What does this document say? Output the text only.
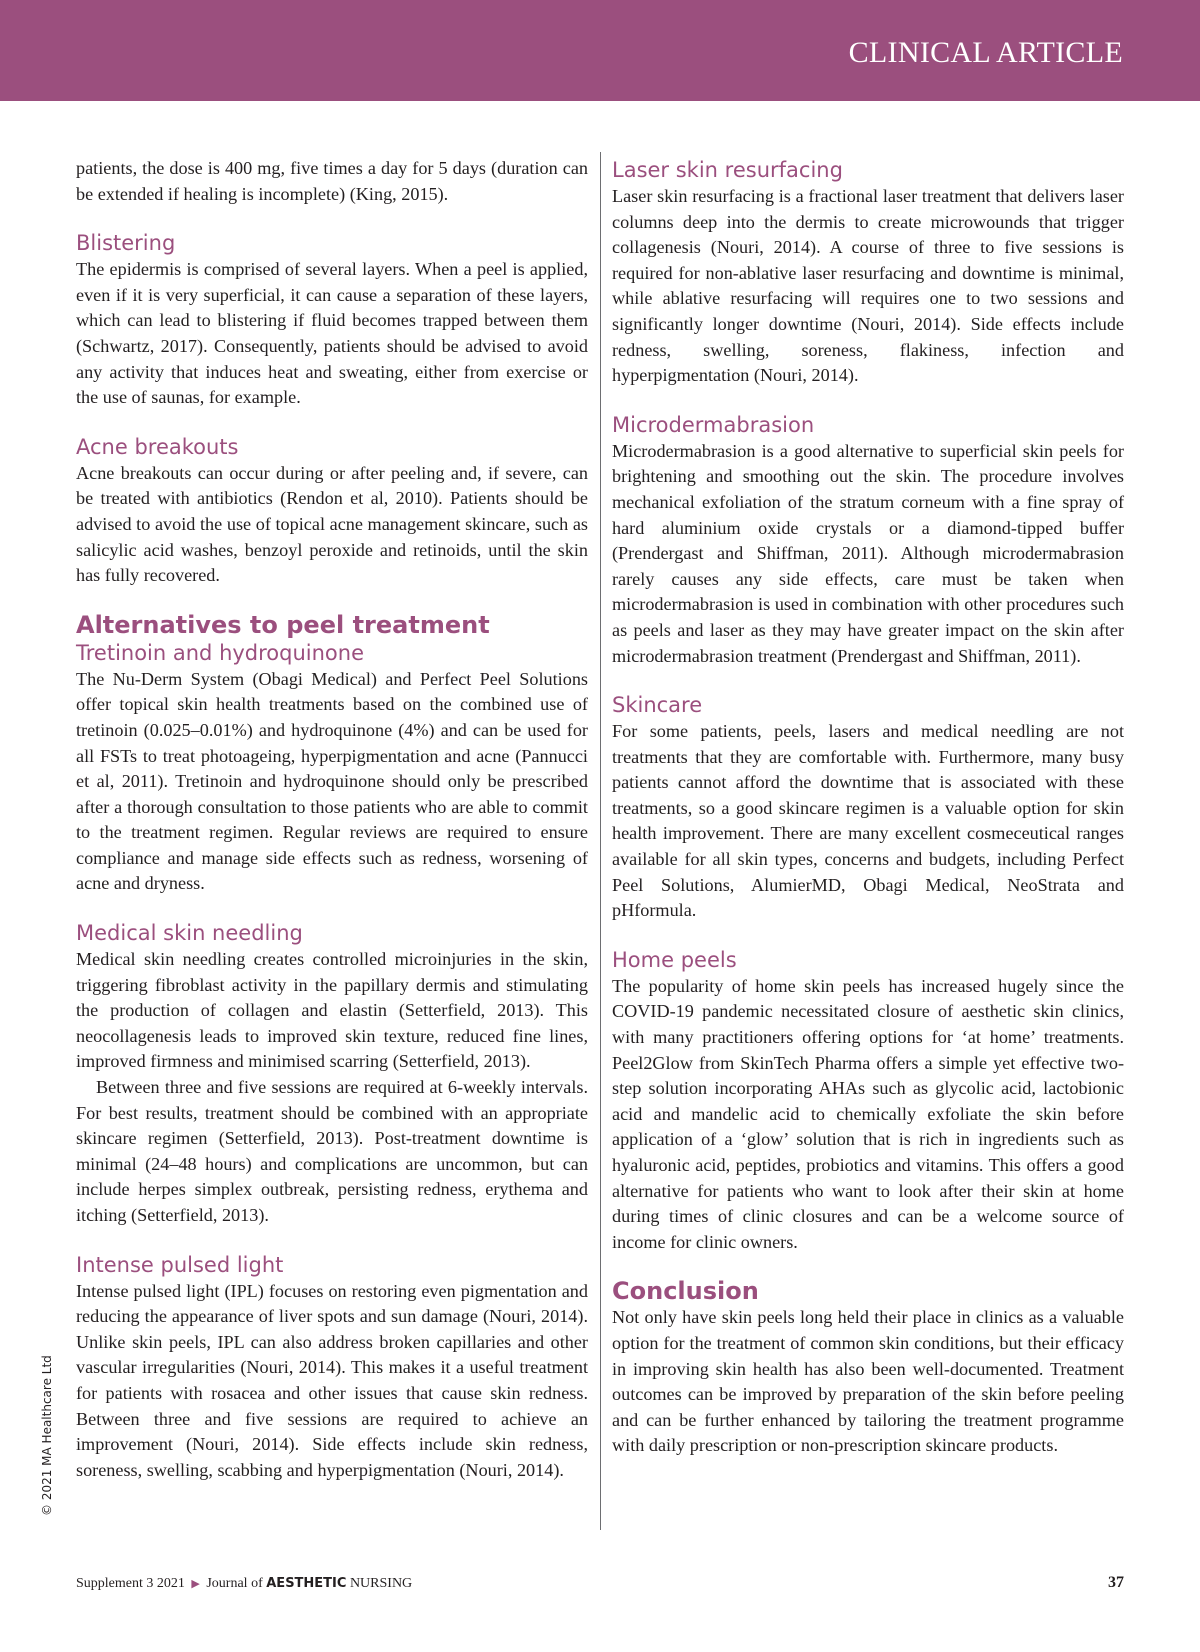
CLINICAL ARTICLE

patients, the dose is 400 mg, five times a day for 5 days (duration can be extended if healing is incomplete) (King, 2015).

Blistering

The epidermis is comprised of several layers. When a peel is applied, even if it is very superficial, it can cause a separation of these layers, which can lead to blistering if fluid becomes trapped between them (Schwartz, 2017). Consequently, patients should be advised to avoid any activity that induces heat and sweating, either from exercise or the use of saunas, for example.

Acne breakouts

Acne breakouts can occur during or after peeling and, if severe, can be treated with antibiotics (Rendon et al, 2010). Patients should be advised to avoid the use of topical acne management skincare, such as salicylic acid washes, benzoyl peroxide and retinoids, until the skin has fully recovered.

Alternatives to peel treatment
Tretinoin and hydroquinone

The Nu-Derm System (Obagi Medical) and Perfect Peel Solutions offer topical skin health treatments based on the combined use of tretinoin (0.025–0.01%) and hydroquinone (4%) and can be used for all FSTs to treat photoageing, hyperpigmentation and acne (Pannucci et al, 2011). Tretinoin and hydroquinone should only be prescribed after a thorough consultation to those patients who are able to commit to the treatment regimen. Regular reviews are required to ensure compliance and manage side effects such as redness, worsening of acne and dryness.

Medical skin needling

Medical skin needling creates controlled microinjuries in the skin, triggering fibroblast activity in the papillary dermis and stimulating the production of collagen and elastin (Setterfield, 2013). This neocollagenesis leads to improved skin texture, reduced fine lines, improved firmness and minimised scarring (Setterfield, 2013).

Between three and five sessions are required at 6-weekly intervals. For best results, treatment should be combined with an appropriate skincare regimen (Setterfield, 2013). Post-treatment downtime is minimal (24–48 hours) and complications are uncommon, but can include herpes simplex outbreak, persisting redness, erythema and itching (Setterfield, 2013).

Intense pulsed light

Intense pulsed light (IPL) focuses on restoring even pigmentation and reducing the appearance of liver spots and sun damage (Nouri, 2014). Unlike skin peels, IPL can also address broken capillaries and other vascular irregularities (Nouri, 2014). This makes it a useful treatment for patients with rosacea and other issues that cause skin redness. Between three and five sessions are required to achieve an improvement (Nouri, 2014). Side effects include skin redness, soreness, swelling, scabbing and hyperpigmentation (Nouri, 2014).

Laser skin resurfacing

Laser skin resurfacing is a fractional laser treatment that delivers laser columns deep into the dermis to create microwounds that trigger collagenesis (Nouri, 2014). A course of three to five sessions is required for non-ablative laser resurfacing and downtime is minimal, while ablative resurfacing will requires one to two sessions and significantly longer downtime (Nouri, 2014). Side effects include redness, swelling, soreness, flakiness, infection and hyperpigmentation (Nouri, 2014).

Microdermabrasion

Microdermabrasion is a good alternative to superficial skin peels for brightening and smoothing out the skin. The procedure involves mechanical exfoliation of the stratum corneum with a fine spray of hard aluminium oxide crystals or a diamond-tipped buffer (Prendergast and Shiffman, 2011). Although microdermabrasion rarely causes any side effects, care must be taken when microdermabrasion is used in combination with other procedures such as peels and laser as they may have greater impact on the skin after microdermabrasion treatment (Prendergast and Shiffman, 2011).

Skincare

For some patients, peels, lasers and medical needling are not treatments that they are comfortable with. Furthermore, many busy patients cannot afford the downtime that is associated with these treatments, so a good skincare regimen is a valuable option for skin health improvement. There are many excellent cosmeceutical ranges available for all skin types, concerns and budgets, including Perfect Peel Solutions, AlumierMD, Obagi Medical, NeoStrata and pHformula.

Home peels

The popularity of home skin peels has increased hugely since the COVID-19 pandemic necessitated closure of aesthetic skin clinics, with many practitioners offering options for ‘at home’ treatments. Peel2Glow from SkinTech Pharma offers a simple yet effective two-step solution incorporating AHAs such as glycolic acid, lactobionic acid and mandelic acid to chemically exfoliate the skin before application of a ‘glow’ solution that is rich in ingredients such as hyaluronic acid, peptides, probiotics and vitamins. This offers a good alternative for patients who want to look after their skin at home during times of clinic closures and can be a welcome source of income for clinic owners.

Conclusion

Not only have skin peels long held their place in clinics as a valuable option for the treatment of common skin conditions, but their efficacy in improving skin health has also been well-documented. Treatment outcomes can be improved by preparation of the skin before peeling and can be further enhanced by tailoring the treatment programme with daily prescription or non-prescription skincare products.

© 2021 MA Healthcare Ltd
Supplement 3 2021 ▶ Journal of AESTHETIC NURSING	37
